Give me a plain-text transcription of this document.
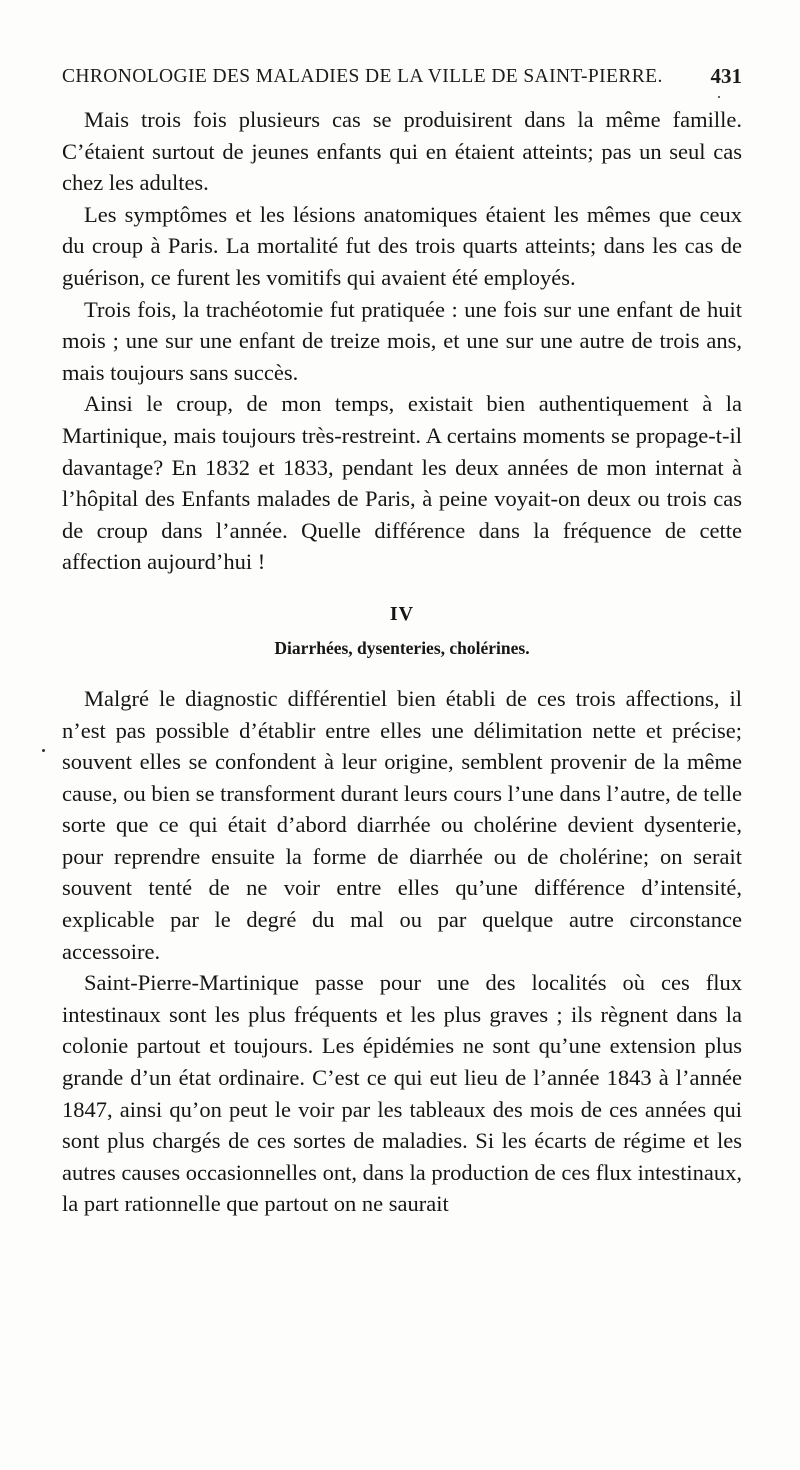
CHRONOLOGIE DES MALADIES DE LA VILLE DE SAINT-PIERRE. 431

Mais trois fois plusieurs cas se produisirent dans la même famille. C’étaient surtout de jeunes enfants qui en étaient atteints; pas un seul cas chez les adultes.

Les symptômes et les lésions anatomiques étaient les mêmes que ceux du croup à Paris. La mortalité fut des trois quarts atteints; dans les cas de guérison, ce furent les vomitifs qui avaient été employés.

Trois fois, la trachéotomie fut pratiquée : une fois sur une enfant de huit mois ; une sur une enfant de treize mois, et une sur une autre de trois ans, mais toujours sans succès.

Ainsi le croup, de mon temps, existait bien authentiquement à la Martinique, mais toujours très-restreint. A certains moments se propage-t-il davantage? En 1832 et 1833, pendant les deux années de mon internat à l’hôpital des Enfants malades de Paris, à peine voyait-on deux ou trois cas de croup dans l’année. Quelle différence dans la fréquence de cette affection aujourd’hui !

IV
Diarrhées, dysenteries, cholérines.

Malgré le diagnostic différentiel bien établi de ces trois affections, il n’est pas possible d’établir entre elles une délimitation nette et précise; souvent elles se confondent à leur origine, semblent provenir de la même cause, ou bien se transforment durant leurs cours l’une dans l’autre, de telle sorte que ce qui était d’abord diarrhée ou cholérine devient dysenterie, pour reprendre ensuite la forme de diarrhée ou de cholérine; on serait souvent tenté de ne voir entre elles qu’une différence d’intensité, explicable par le degré du mal ou par quelque autre circonstance accessoire.

Saint-Pierre-Martinique passe pour une des localités où ces flux intestinaux sont les plus fréquents et les plus graves ; ils règnent dans la colonie partout et toujours. Les épidémies ne sont qu’une extension plus grande d’un état ordinaire. C’est ce qui eut lieu de l’année 1843 à l’année 1847, ainsi qu’on peut le voir par les tableaux des mois de ces années qui sont plus chargés de ces sortes de maladies. Si les écarts de régime et les autres causes occasionnelles ont, dans la production de ces flux intestinaux, la part rationnelle que partout on ne saurait
